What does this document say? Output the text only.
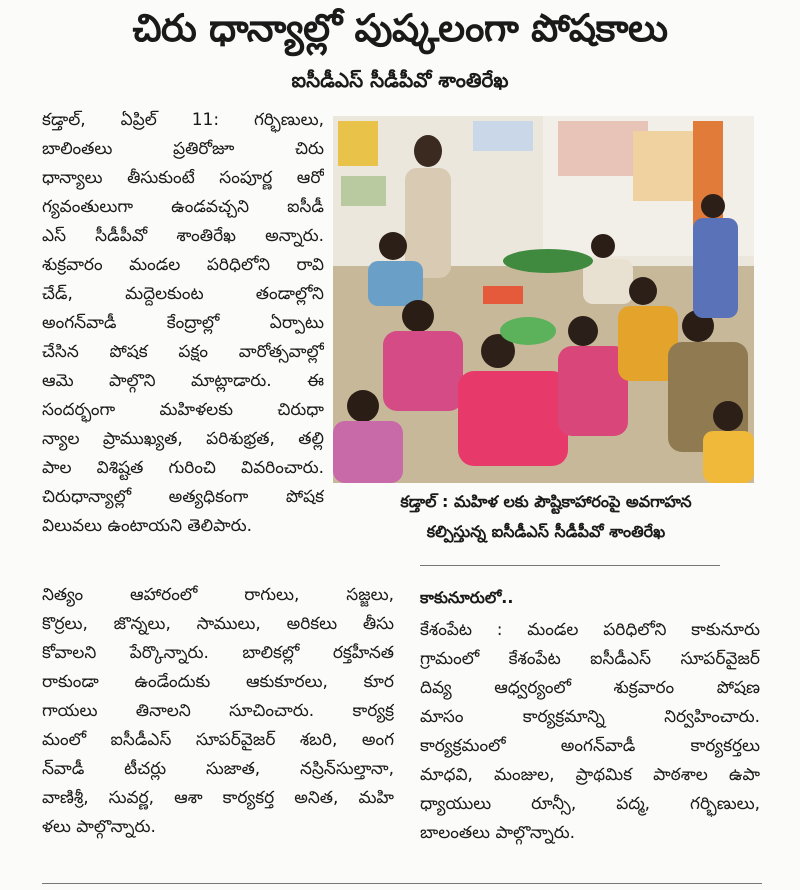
చిరు ధాన్యాల్లో పుష్కలంగా పోషకాలు
ఐసీడీఎస్ సీడీపీవో శాంతిరేఖ

కడ్తాల్, ఏప్రిల్ 11: గర్భిణులు,

బాలింతలు ప్రతిరోజూ చిరు

ధాన్యాలు తీసుకుంటే సంపూర్ణ ఆరో

గ్యవంతులుగా ఉండవచ్చని ఐసీడీ

ఎస్ సీడీపీవో శాంతిరేఖ అన్నారు.

శుక్రవారం మండల పరిధిలోని రావి

చేడ్, మద్దెలకుంట తండాల్లోని

అంగన్‌వాడీ కేంద్రాల్లో ఏర్పాటు

చేసిన పోషక పక్షం వారోత్సవాల్లో

ఆమె పాల్గొని మాట్లాడారు. ఈ

సందర్భంగా మహిళలకు చిరుధా

న్యాల ప్రాముఖ్యత, పరిశుభ్రత, తల్లి

పాల విశిష్టత గురించి వివరించారు.

చిరుధాన్యాల్లో అత్యధికంగా పోషక

విలువలు ఉంటాయని తెలిపారు.

కడ్తాల్ : మహిళ లకు పౌష్టికాహారంపై అవగాహన
కల్పిస్తున్న ఐసీడీఎస్ సీడీపీవో శాంతిరేఖ

నిత్యం ఆహారంలో రాగులు, సజ్జలు,

కొర్రలు, జొన్నలు, సాములు, అరికలు తీసు

కోవాలని పేర్కొన్నారు. బాలికల్లో రక్తహీనత

రాకుండా ఉండేందుకు ఆకుకూరలు, కూర

గాయలు తినాలని సూచించారు. కార్యక్ర

మంలో ఐసీడీఎస్ సూపర్‌వైజర్ శబరి, అంగ

న్‌వాడీ టీచర్లు సుజాత, నస్రిన్‌సుల్తానా,

వాణిశ్రీ, సువర్ణ, ఆశా కార్యకర్త అనిత, మహి

ళలు పాల్గొన్నారు.

కాకునూరులో..

కేశంపేట : మండల పరిధిలోని కాకునూరు

గ్రామంలో కేశంపేట ఐసీడీఎస్ సూపర్‌వైజర్

దివ్య ఆధ్వర్యంలో శుక్రవారం పోషణ

మాసం కార్యక్రమాన్ని నిర్వహించారు.

కార్యక్రమంలో అంగన్‌వాడీ కార్యకర్తలు

మాధవి, మంజుల, ప్రాథమిక పాఠశాల ఉపా

ధ్యాయులు రూన్సీ, పద్మ, గర్భిణులు,

బాలంతలు పాల్గొన్నారు.
